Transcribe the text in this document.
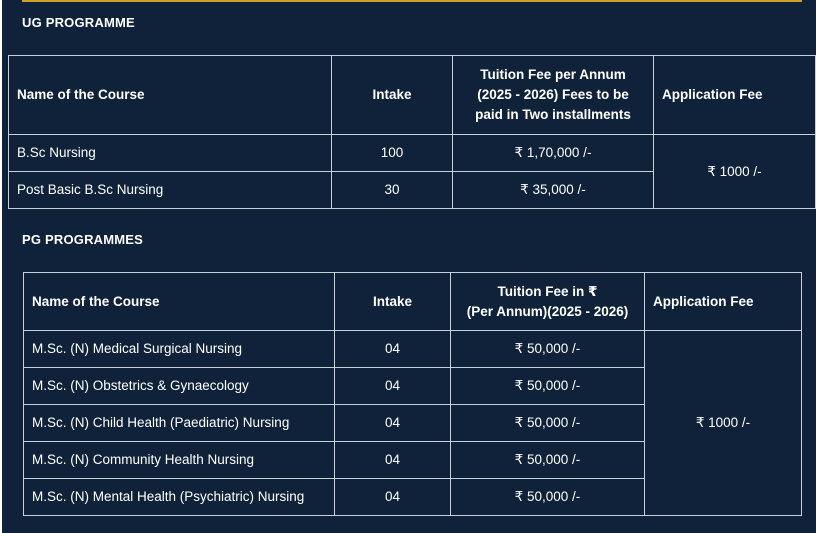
UG PROGRAMME
Name of the Course	Intake	Tuition Fee per Annum
(2025 - 2026) Fees to be
paid in Two installments	Application Fee
B.Sc Nursing	100	₹ 1,70,000 /-	₹ 1000 /-
Post Basic B.Sc Nursing	30	₹ 35,000 /-	
PG PROGRAMMES
Name of the Course	Intake	Tuition Fee in ₹
(Per Annum)(2025 - 2026)	Application Fee
M.Sc. (N) Medical Surgical Nursing	04	₹ 50,000 /-	₹ 1000 /-
M.Sc. (N) Obstetrics & Gynaecology	04	₹ 50,000 /-	
M.Sc. (N) Child Health (Paediatric) Nursing	04	₹ 50,000 /-	
M.Sc. (N) Community Health Nursing	04	₹ 50,000 /-	
M.Sc. (N) Mental Health (Psychiatric) Nursing	04	₹ 50,000 /-	
